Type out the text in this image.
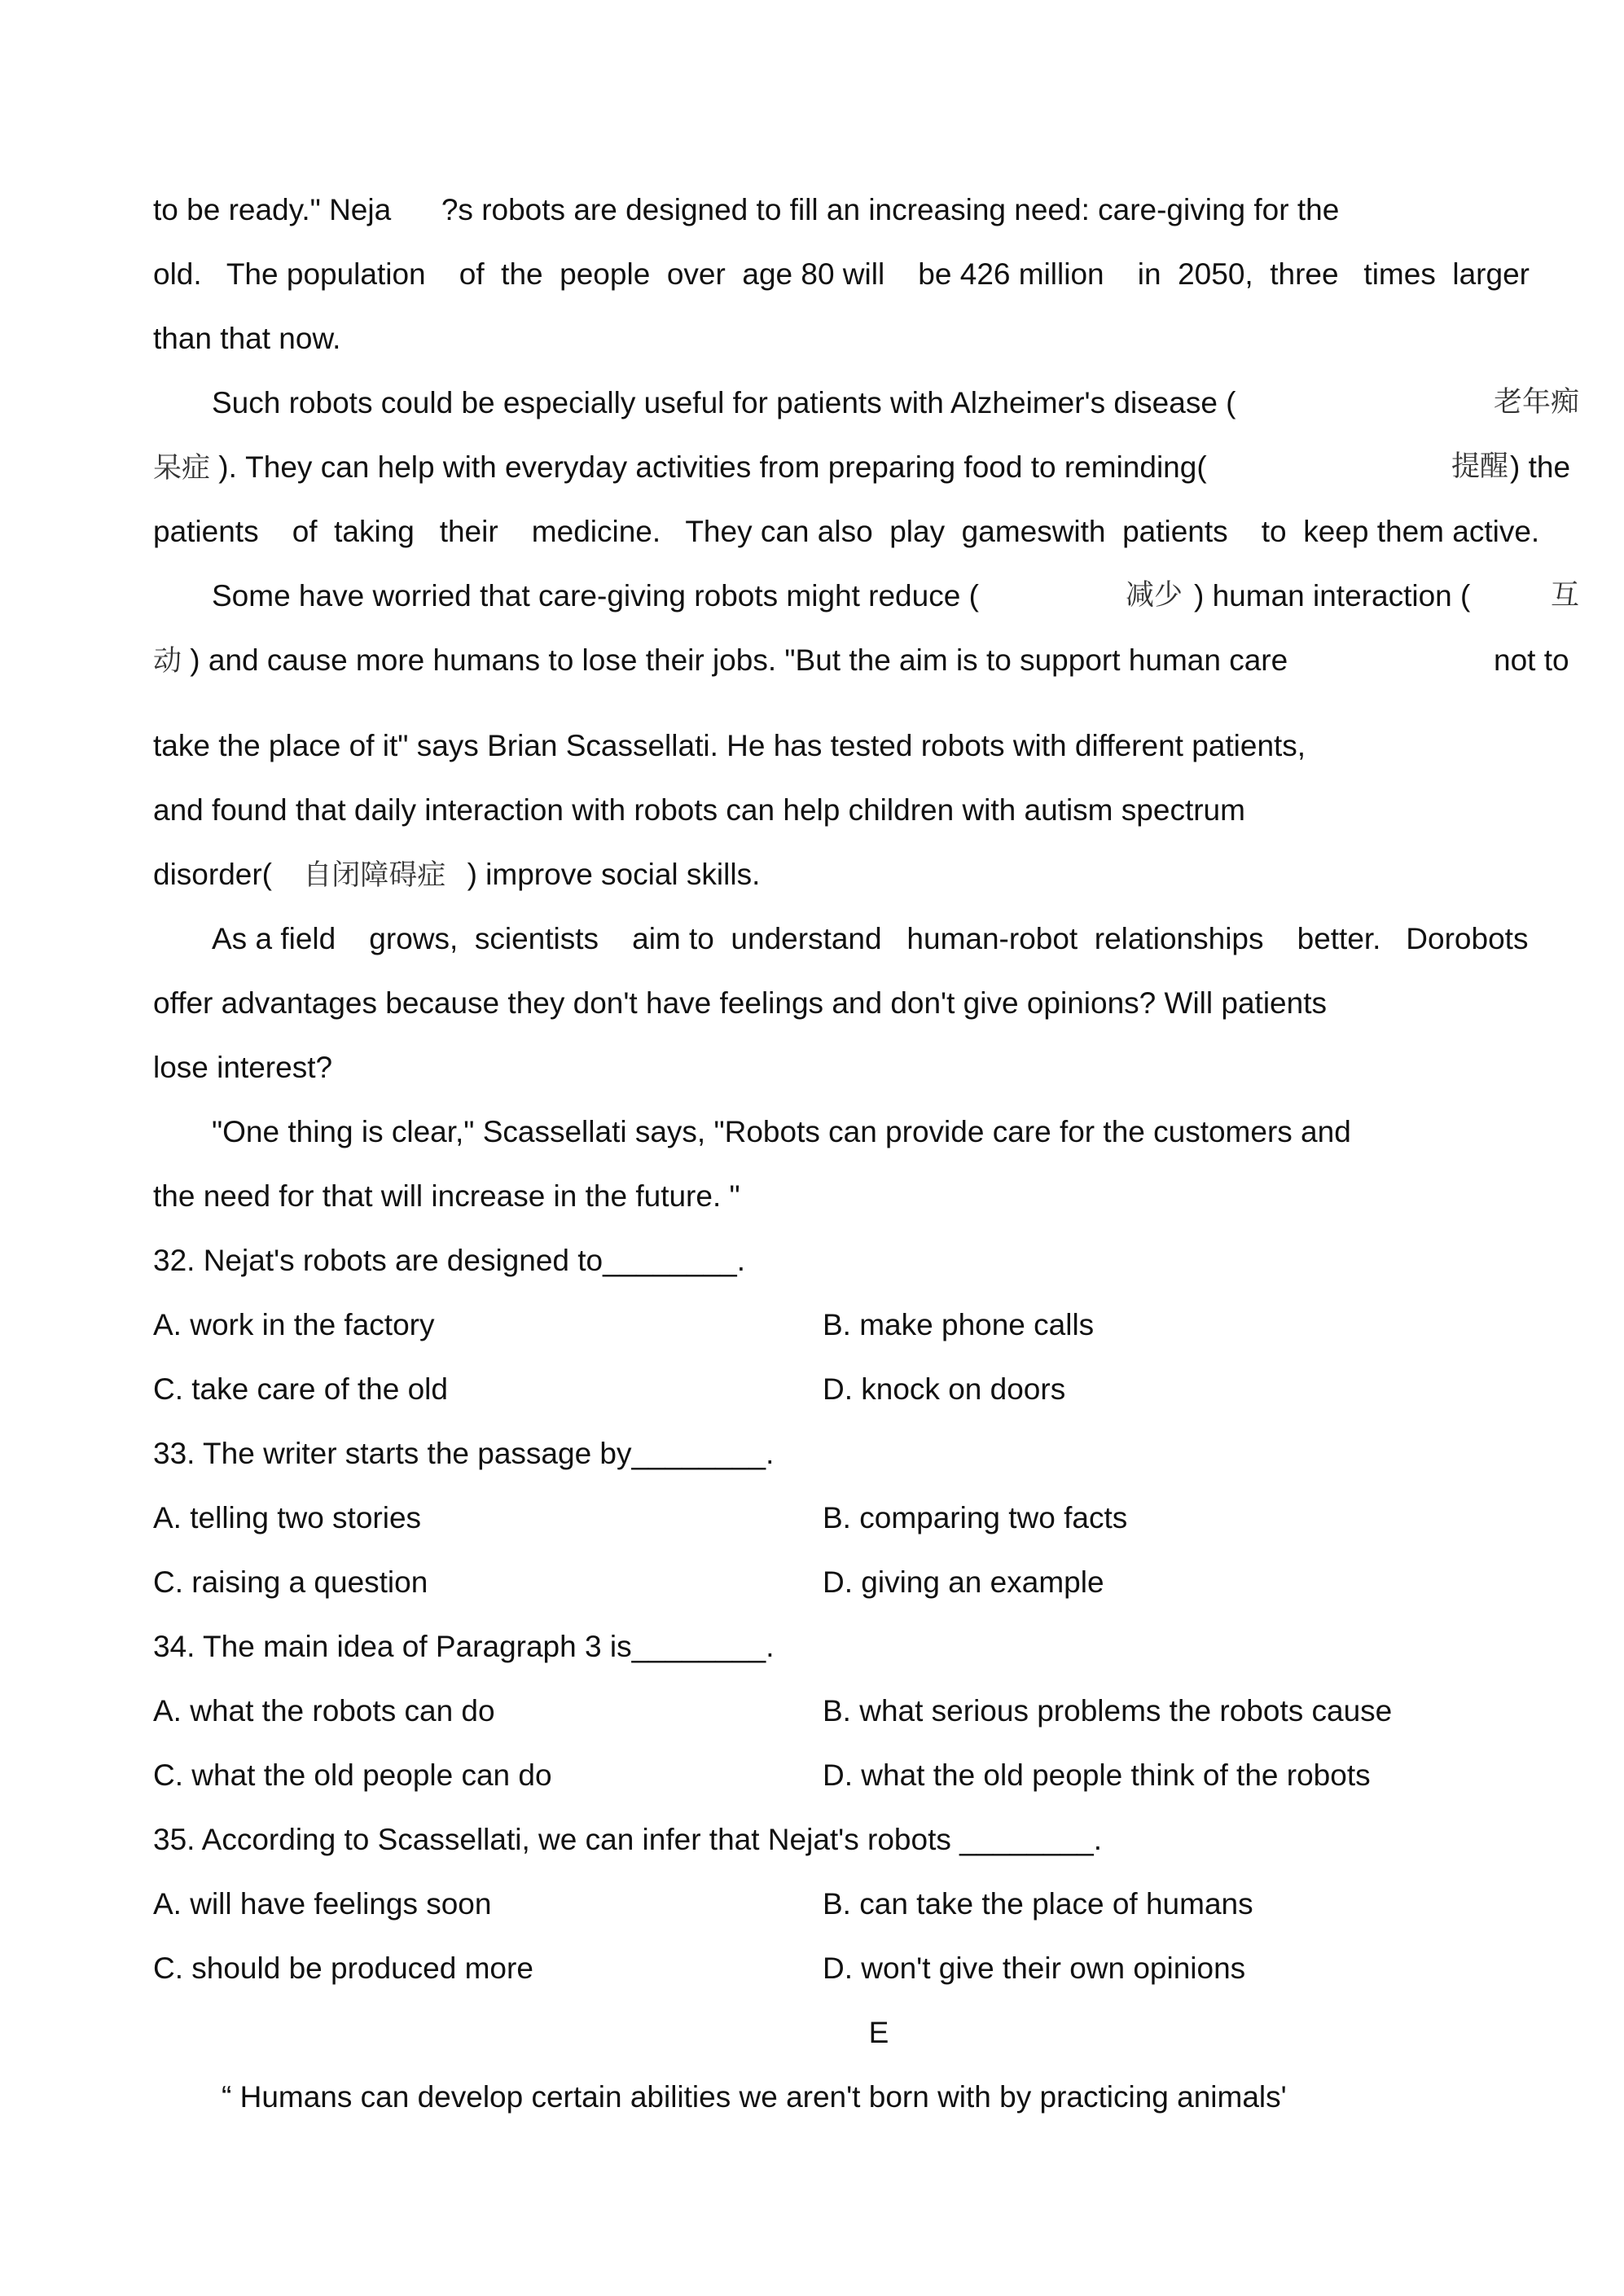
to be ready." Neja      ?s robots are designed to fill an increasing need: care-giving for the
old.   The population    of  the  people  over  age 80 will    be 426 million    in  2050,  three   times  larger
than that now.
Such robots could be especially useful for patients with Alzheimer's disease (	老年痴
呆症 ). They can help with everyday activities from preparing food to reminding(	提醒 ) the
patients    of  taking   their    medicine.   They can also  play  gameswith  patients    to  keep them active.
Some have worried that care-giving robots might reduce (	减少 ) human interaction (	互
动 ) and cause more humans to lose their jobs. "But the aim is to support human care	not to
take the place of it" says Brian Scassellati. He has tested robots with different patients,
and found that daily interaction with robots can help children with autism spectrum
disorder( 自闭障碍症 ) improve social skills.
As a field    grows,  scientists    aim to  understand   human-robot  relationships    better.   Dorobots
offer advantages because they don't have feelings and don't give opinions? Will patients
lose interest?
"One thing is clear," Scassellati says, "Robots can provide care for the customers and
the need for that will increase in the future. "
32. Nejat's robots are designed to________.
A. work in the factory	B. make phone calls
C. take care of the old	D. knock on doors
33. The writer starts the passage by________.
A. telling two stories	B. comparing two facts
C. raising a question	D. giving an example
34. The main idea of Paragraph 3 is________.
A. what the robots can do	B. what serious problems the robots cause
C. what the old people can do	D. what the old people think of the robots
35. According to Scassellati, we can infer that Nejat's robots ________.
A. will have feelings soon	B. can take the place of humans
C. should be produced more	D. won't give their own opinions
E
“ Humans can develop certain abilities we aren't born with by practicing animals'
